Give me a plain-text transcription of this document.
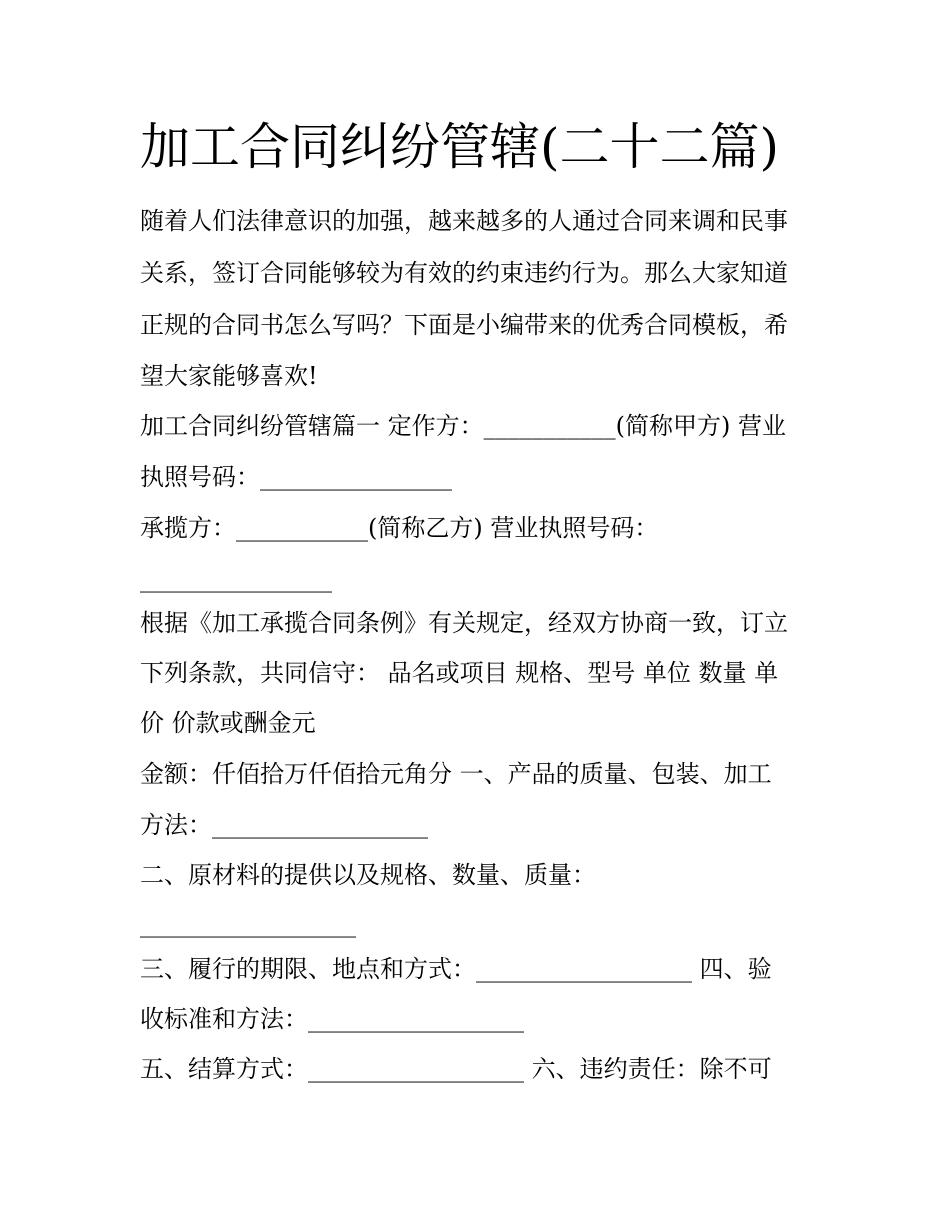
加工合同纠纷管辖(二十二篇)
随着人们法律意识的加强，越来越多的人通过合同来调和民事
关系，签订合同能够较为有效的约束违约行为。那么大家知道
正规的合同书怎么写吗？下面是小编带来的优秀合同模板，希
望大家能够喜欢!
加工合同纠纷管辖篇一 定作方：___________(简称甲方) 营业
执照号码：________________
承揽方：___________(简称乙方) 营业执照号码：
________________
根据《加工承揽合同条例》有关规定，经双方协商一致，订立
下列条款，共同信守： 品名或项目 规格、型号 单位 数量 单
价 价款或酬金元
金额：仟佰拾万仟佰拾元角分 一、产品的质量、包装、加工
方法：__________________
二、原材料的提供以及规格、数量、质量：
__________________
三、履行的期限、地点和方式：__________________ 四、验
收标准和方法：__________________
五、结算方式：__________________ 六、违约责任：除不可
